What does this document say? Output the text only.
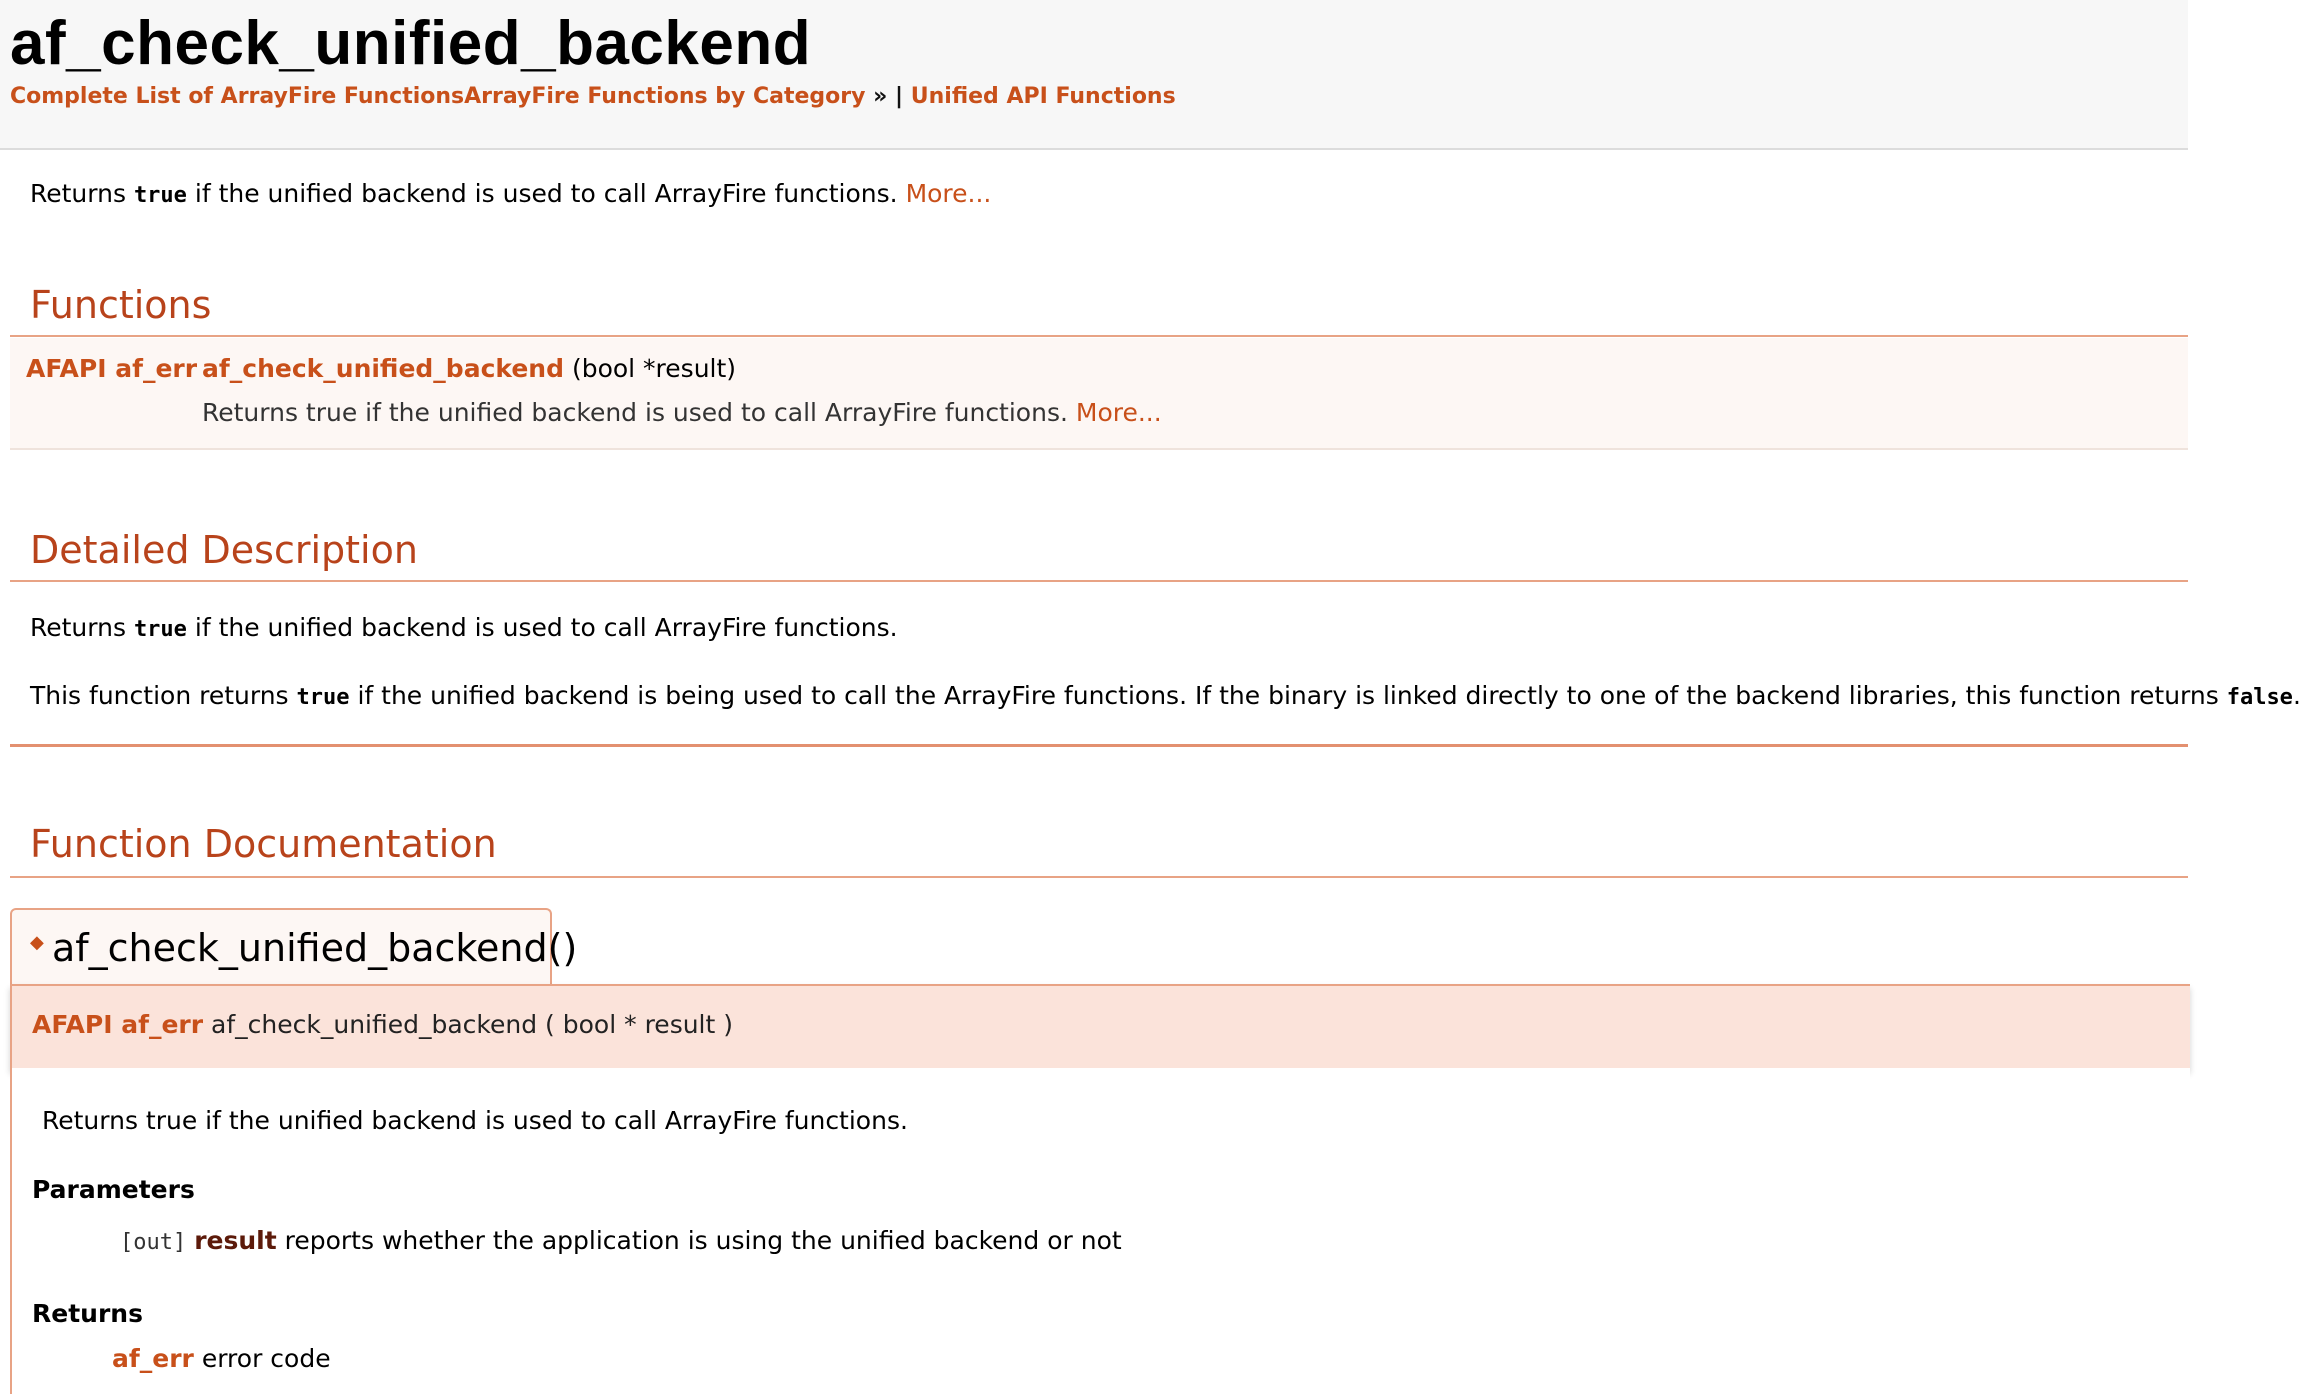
af_check_unified_backend
Complete List of ArrayFire FunctionsArrayFire Functions by Category » | Unified API Functions
Returns true if the unified backend is used to call ArrayFire functions. More...
Functions
AFAPI af_err af_check_unified_backend (bool *result)
Returns true if the unified backend is used to call ArrayFire functions. More...
Detailed Description
Returns true if the unified backend is used to call ArrayFire functions.
This function returns true if the unified backend is being used to call the ArrayFire functions. If the binary is linked directly to one of the backend libraries, this function returns false.
Function Documentation
◆ af_check_unified_backend()
AFAPI af_err af_check_unified_backend ( bool * result )
Returns true if the unified backend is used to call ArrayFire functions.
Parameters
[out] result reports whether the application is using the unified backend or not
Returns
af_err error code
